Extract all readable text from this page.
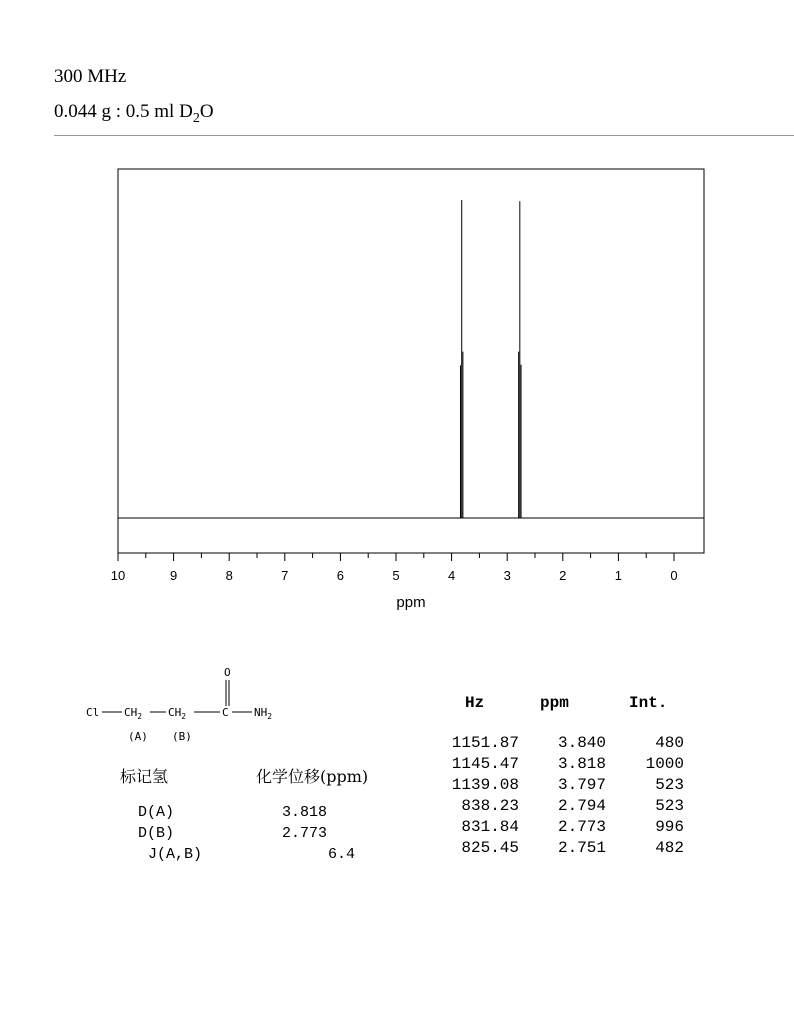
300 MHz
0.044 g : 0.5 ml $D_2O$
10	9	8	7	6	5	4	3	2	1	0
ppm
O
Cl $CH_2$ $CH_2$	C $NH_2$
(A) (B)
标记氢	化学位移(ppm)
D(A)	3.818
D(B)	2.773
J(A,B)	6.4
Hz	ppm	Int.
1151.87	3.840	480
1145.47	3.818	1000
1139.08	3.797	523
838.23	2.794	523
831.84	2.773	996
825.45	2.751	482
